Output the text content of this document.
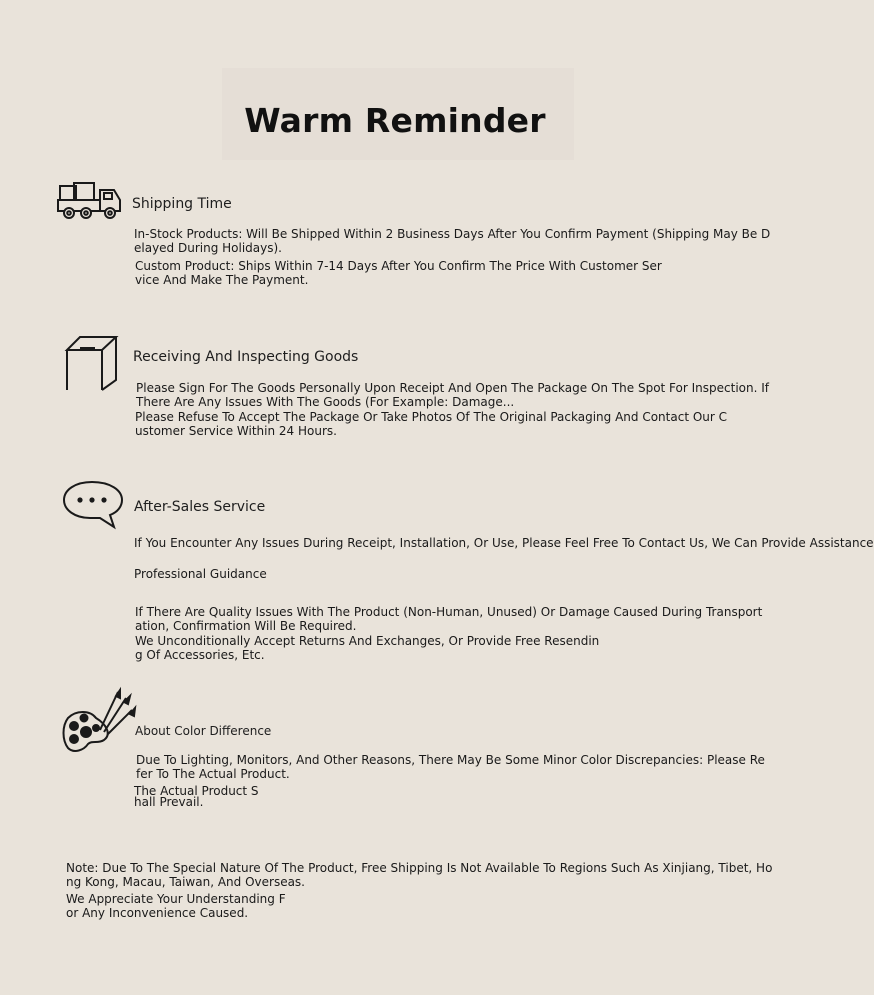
Warm Reminder
Shipping Time

In-Stock Products: Will Be Shipped Within 2 Business Days After You Confirm Payment (Shipping May Be D
elayed During Holidays).

Custom Product: Ships Within 7-14 Days After You Confirm The Price With Customer Ser
vice And Make The Payment.

Receiving And Inspecting Goods

Please Sign For The Goods Personally Upon Receipt And Open The Package On The Spot For Inspection. If
There Are Any Issues With The Goods (For Example: Damage...

Please Refuse To Accept The Package Or Take Photos Of The Original Packaging And Contact Our C
ustomer Service Within 24 Hours.

After-Sales Service

If You Encounter Any Issues During Receipt, Installation, Or Use, Please Feel Free To Contact Us, We Can Provide Assistance

Professional Guidance

If There Are Quality Issues With The Product (Non-Human, Unused) Or Damage Caused During Transport
ation, Confirmation Will Be Required.

We Unconditionally Accept Returns And Exchanges, Or Provide Free Resendin
g Of Accessories, Etc.

About Color Difference

Due To Lighting, Monitors, And Other Reasons, There May Be Some Minor Color Discrepancies: Please Re
fer To The Actual Product.

The Actual Product S
hall Prevail.

Note: Due To The Special Nature Of The Product, Free Shipping Is Not Available To Regions Such As Xinjiang, Tibet, Ho
ng Kong, Macau, Taiwan, And Overseas.

We Appreciate Your Understanding F
or Any Inconvenience Caused.
